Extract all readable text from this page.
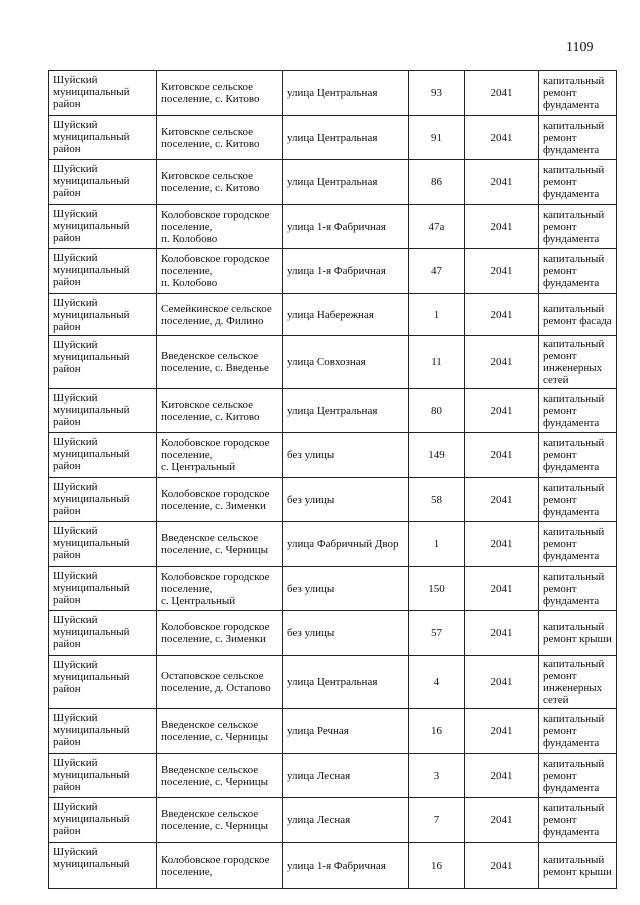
1109
Шуйский муниципальный район	Китовское сельское
поселение, с. Китово	улица Центральная	93	2041	капитальный ремонт фундамента
Шуйский муниципальный район	Китовское сельское
поселение, с. Китово	улица Центральная	91	2041	капитальный ремонт фундамента
Шуйский муниципальный район	Китовское сельское
поселение, с. Китово	улица Центральная	86	2041	капитальный ремонт фундамента
Шуйский муниципальный район	Колобовское городское
поселение,
п. Колобово	улица 1-я Фабричная	47а	2041	капитальный ремонт фундамента
Шуйский муниципальный район	Колобовское городское
поселение,
п. Колобово	улица 1-я Фабричная	47	2041	капитальный ремонт фундамента
Шуйский муниципальный район	Семейкинское сельское
поселение, д. Филино	улица Набережная	1	2041	капитальный ремонт фасада
Шуйский муниципальный район	Введенское сельское
поселение, с. Введенье	улица Совхозная	11	2041	капитальный ремонт инженерных сетей
Шуйский муниципальный район	Китовское сельское
поселение, с. Китово	улица Центральная	80	2041	капитальный ремонт фундамента
Шуйский муниципальный район	Колобовское городское
поселение,
с. Центральный	без улицы	149	2041	капитальный ремонт фундамента
Шуйский муниципальный район	Колобовское городское
поселение, с. Зименки	без улицы	58	2041	капитальный ремонт фундамента
Шуйский муниципальный район	Введенское сельское
поселение, с. Черницы	улица Фабричный Двор	1	2041	капитальный ремонт фундамента
Шуйский муниципальный район	Колобовское городское
поселение,
с. Центральный	без улицы	150	2041	капитальный ремонт фундамента
Шуйский муниципальный район	Колобовское городское
поселение, с. Зименки	без улицы	57	2041	капитальный ремонт крыши
Шуйский муниципальный район	Остаповское сельское
поселение, д. Остапово	улица Центральная	4	2041	капитальный ремонт инженерных сетей
Шуйский муниципальный район	Введенское сельское
поселение, с. Черницы	улица Речная	16	2041	капитальный ремонт фундамента
Шуйский муниципальный район	Введенское сельское
поселение, с. Черницы	улица Лесная	3	2041	капитальный ремонт фундамента
Шуйский муниципальный район	Введенское сельское
поселение, с. Черницы	улица Лесная	7	2041	капитальный ремонт фундамента
Шуйский муниципальный	Колобовское городское
поселение,	улица 1-я Фабричная	16	2041	капитальный ремонт крыши
